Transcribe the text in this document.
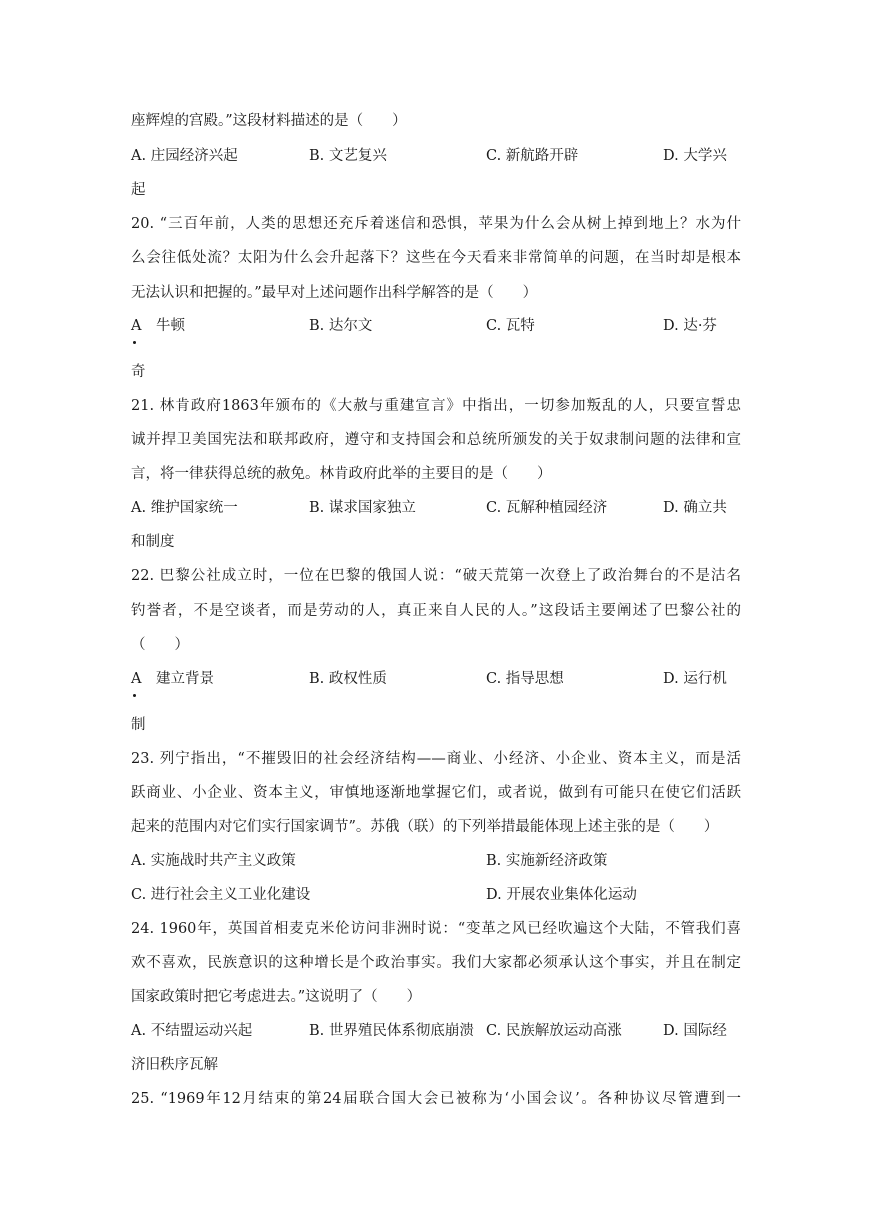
座辉煌的宫殿。”这段材料描述的是（　　）
A. 庄园经济兴起	B. 文艺复兴	C. 新航路开辟	D. 大学兴
起
20. “三百年前，人类的思想还充斥着迷信和恐惧，苹果为什么会从树上掉到地上？水为什
么会往低处流？太阳为什么会升起落下？这些在今天看来非常简单的问题，在当时却是根本
无法认识和把握的。”最早对上述问题作出科学解答的是（　　）
A　牛顿	B. 达尔文	C. 瓦特	D. 达·芬
奇
21. 林肯政府1863年颁布的《大赦与重建宣言》中指出，一切参加叛乱的人，只要宣誓忠
诚并捍卫美国宪法和联邦政府，遵守和支持国会和总统所颁发的关于奴隶制问题的法律和宣
言，将一律获得总统的赦免。林肯政府此举的主要目的是（　　）
A. 维护国家统一	B. 谋求国家独立	C. 瓦解种植园经济	D. 确立共
和制度
22. 巴黎公社成立时，一位在巴黎的俄国人说：“破天荒第一次登上了政治舞台的不是沽名
钓誉者，不是空谈者，而是劳动的人，真正来自人民的人。”这段话主要阐述了巴黎公社的
（　　）
A　建立背景	B. 政权性质	C. 指导思想	D. 运行机
制
23. 列宁指出，“不摧毁旧的社会经济结构——商业、小经济、小企业、资本主义，而是活
跃商业、小企业、资本主义，审慎地逐渐地掌握它们，或者说，做到有可能只在使它们活跃
起来的范围内对它们实行国家调节”。苏俄（联）的下列举措最能体现上述主张的是（　　）
A. 实施战时共产主义政策	B. 实施新经济政策
C. 进行社会主义工业化建设	D. 开展农业集体化运动
24. 1960年，英国首相麦克米伦访问非洲时说：“变革之风已经吹遍这个大陆，不管我们喜
欢不喜欢，民族意识的这种增长是个政治事实。我们大家都必须承认这个事实，并且在制定
国家政策时把它考虑进去。”这说明了（　　）
A. 不结盟运动兴起	B. 世界殖民体系彻底崩溃 C. 民族解放运动高涨	D. 国际经
济旧秩序瓦解
25. “1969年12月结束的第24届联合国大会已被称为‘小国会议’。各种协议尽管遭到一
